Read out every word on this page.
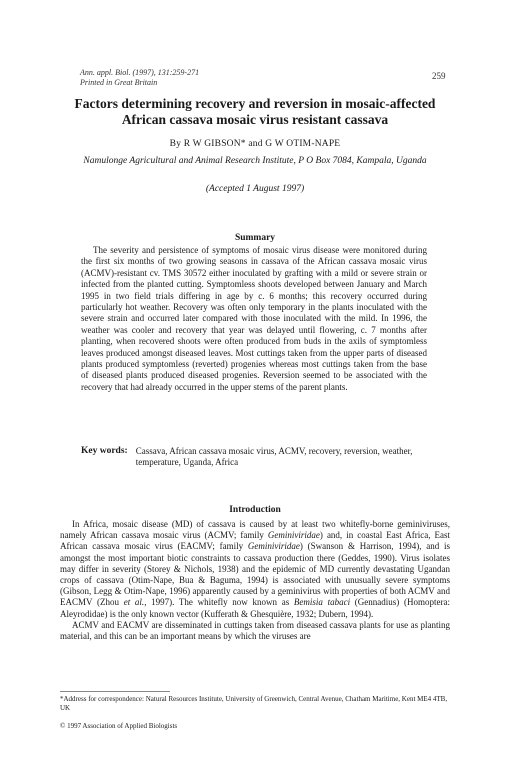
Ann. appl. Biol. (1997), 131:259-271
Printed in Great Britain
259
Factors determining recovery and reversion in mosaic-affected African cassava mosaic virus resistant cassava
By R W GIBSON* and G W OTIM-NAPE
Namulonge Agricultural and Animal Research Institute, P O Box 7084, Kampala, Uganda
(Accepted 1 August 1997)
Summary

The severity and persistence of symptoms of mosaic virus disease were monitored during the first six months of two growing seasons in cassava of the African cassava mosaic virus (ACMV)-resistant cv. TMS 30572 either inoculated by grafting with a mild or severe strain or infected from the planted cutting. Symptomless shoots developed between January and March 1995 in two field trials differing in age by c. 6 months; this recovery occurred during particularly hot weather. Recovery was often only temporary in the plants inoculated with the severe strain and occurred later compared with those inoculated with the mild. In 1996, the weather was cooler and recovery that year was delayed until flowering, c. 7 months after planting, when recovered shoots were often produced from buds in the axils of symptomless leaves produced amongst diseased leaves. Most cuttings taken from the upper parts of diseased plants produced symptomless (reverted) progenies whereas most cuttings taken from the base of diseased plants produced diseased progenies. Reversion seemed to be associated with the recovery that had already occurred in the upper stems of the parent plants.

Key words: Cassava, African cassava mosaic virus, ACMV, recovery, reversion, weather, temperature, Uganda, Africa
Introduction

In Africa, mosaic disease (MD) of cassava is caused by at least two whitefly-borne geminiviruses, namely African cassava mosaic virus (ACMV; family Geminiviridae) and, in coastal East Africa, East African cassava mosaic virus (EACMV; family Geminiviridae) (Swanson & Harrison, 1994), and is amongst the most important biotic constraints to cassava production there (Geddes, 1990). Virus isolates may differ in severity (Storey & Nichols, 1938) and the epidemic of MD currently devastating Ugandan crops of cassava (Otim-Nape, Bua & Baguma, 1994) is associated with unusually severe symptoms (Gibson, Legg & Otim-Nape, 1996) apparently caused by a geminivirus with properties of both ACMV and EACMV (Zhou et al., 1997). The whitefly now known as Bemisia tabaci (Gennadius) (Homoptera: Aleyrodidae) is the only known vector (Kufferath & Ghesquière, 1932; Dubern, 1994).

ACMV and EACMV are disseminated in cuttings taken from diseased cassava plants for use as planting material, and this can be an important means by which the viruses are

*Address for correspondence: Natural Resources Institute, University of Greenwich, Central Avenue, Chatham Maritime, Kent ME4 4TB, UK
© 1997 Association of Applied Biologists
